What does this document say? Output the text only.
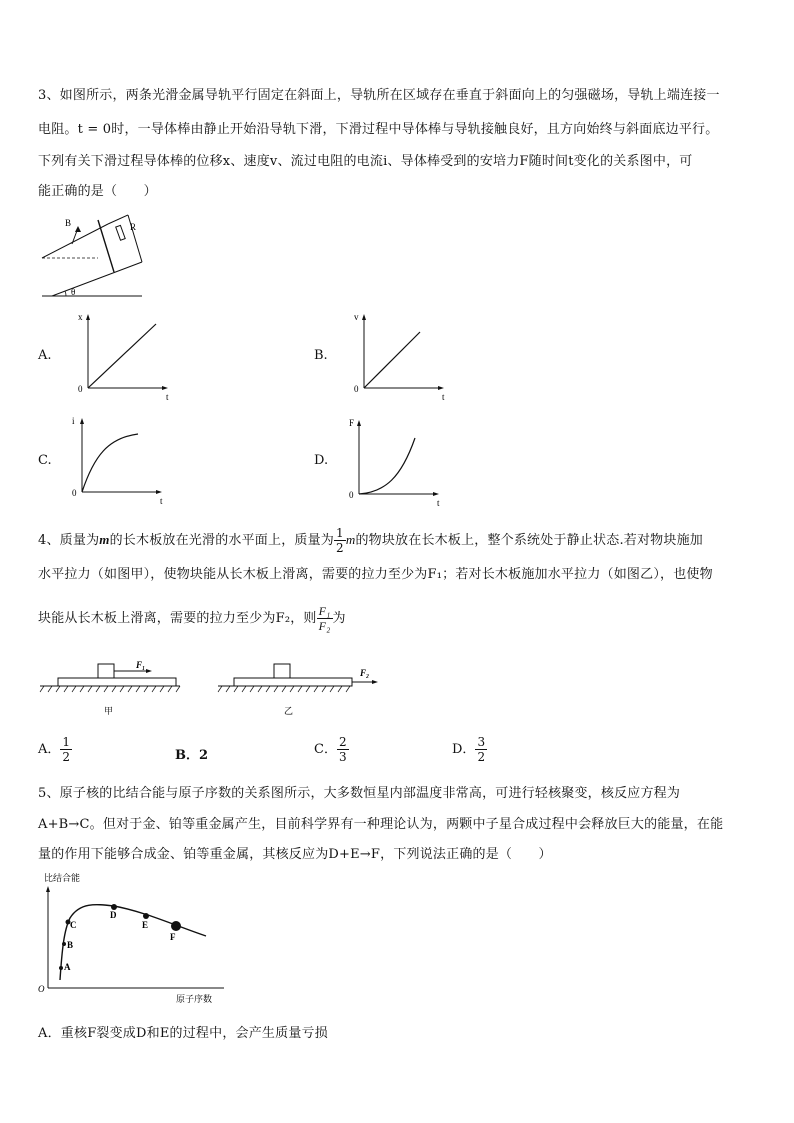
3、如图所示，两条光滑金属导轨平行固定在斜面上，导轨所在区域存在垂直于斜面向上的匀强磁场，导轨上端连接一
电阻。t = 0时，一导体棒由静止开始沿导轨下滑，下滑过程中导体棒与导轨接触良好，且方向始终与斜面底边平行。
下列有关下滑过程导体棒的位移x、速度v、流过电阻的电流i、导体棒受到的安培力F随时间t变化的关系图中，可
能正确的是（　　）
B	R
θ
A.
x
0
t
B.
v
0
t
C.
i
0
t
D.
F
0
t
4、质量为m的长木板放在光滑的水平面上，质量为 $\frac{1}{2}$ m的物块放在长木板上，整个系统处于静止状态.若对物块施加
水平拉力（如图甲），使物块能从长木板上滑离，需要的拉力至少为F₁；若对长木板施加水平拉力（如图乙），也使物
块能从长木板上滑离，需要的拉力至少为F₂，则 $\frac{\text{F₁}}{\text{F₂}}$ 为
F₁
甲
F₂
乙
A． $\frac{1}{2}$	B．2	C． $\frac{2}{3}$	D． $\frac{3}{2}$
5、原子核的比结合能与原子序数的关系图所示，大多数恒星内部温度非常高，可进行轻核聚变，核反应方程为
A+B→C。但对于金、铂等重金属产生，目前科学界有一种理论认为，两颗中子星合成过程中会释放巨大的能量，在能
量的作用下能够合成金、铂等重金属，其核反应为D+E→F，下列说法正确的是（　　）
比结合能
O
原子序数
A
B
C
D
E
F
A．重核F裂变成D和E的过程中，会产生质量亏损
